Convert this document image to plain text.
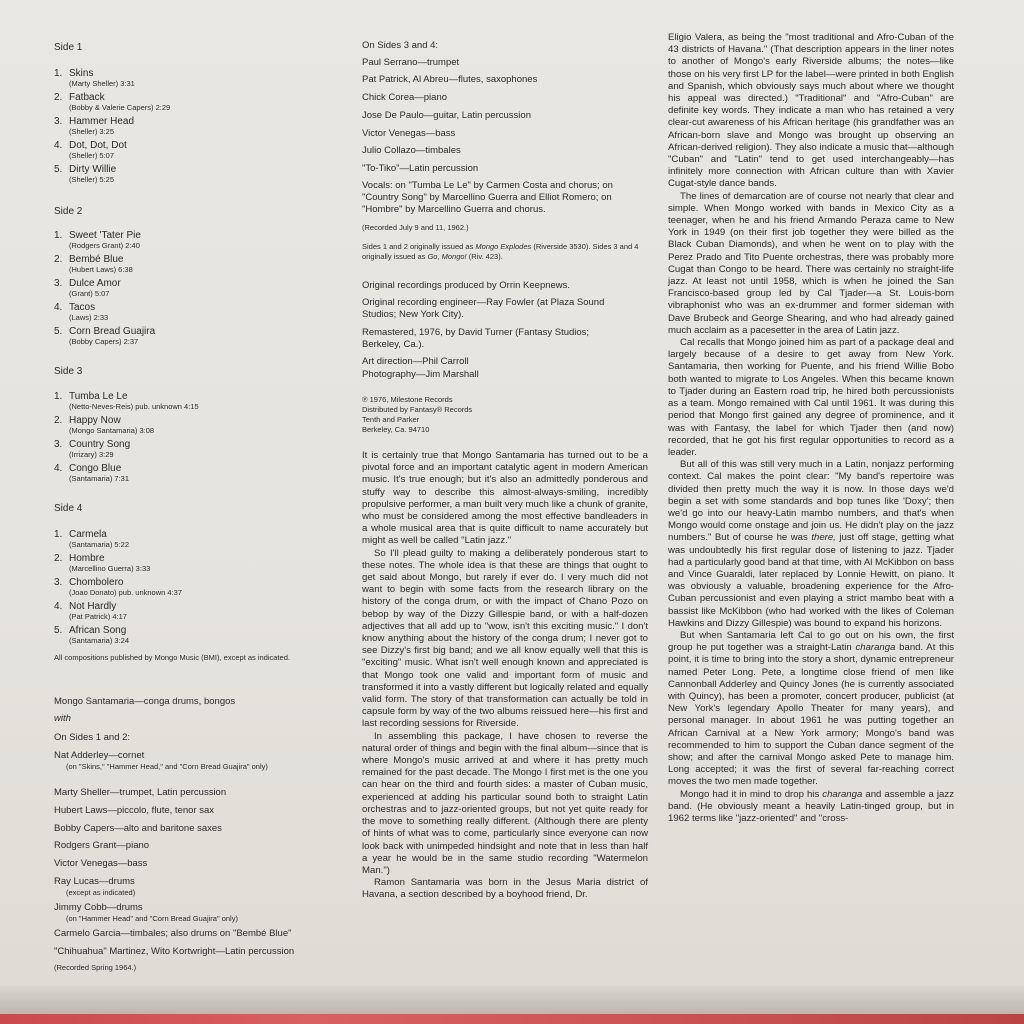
Side 1
1. Skins
(Marty Sheller) 3:31
2. Fatback
(Bobby & Valerie Capers) 2:29
3. Hammer Head
(Sheller) 3:25
4. Dot, Dot, Dot
(Sheller) 5:07
5. Dirty Willie
(Sheller) 5:25
Side 2
1. Sweet 'Tater Pie
(Rodgers Grant) 2:40
2. Bembé Blue
(Hubert Laws) 6:38
3. Dulce Amor
(Grant) 5:07
4. Tacos
(Laws) 2:33
5. Corn Bread Guajira
(Bobby Capers) 2:37
Side 3
1. Tumba Le Le
(Netto-Neves-Reis) pub. unknown 4:15
2. Happy Now
(Mongo Santamaria) 3:08
3. Country Song
(Irrizary) 3:29
4. Congo Blue
(Santamaria) 7:31
Side 4
1. Carmela
(Santamaria) 5:22
2. Hombre
(Marcellino Guerra) 3:33
3. Chombolero
(Joao Donato) pub. unknown 4:37
4. Not Hardly
(Pat Patrick) 4:17
5. African Song
(Santamaria) 3:24
All compositions published by Mongo Music (BMI), except as indicated.
Mongo Santamaria—conga drums, bongos
with
On Sides 1 and 2:
Nat Adderley—cornet
(on "Skins," "Hammer Head," and "Corn Bread Guajira" only)
Marty Sheller—trumpet, Latin percussion
Hubert Laws—piccolo, flute, tenor sax
Bobby Capers—alto and baritone saxes
Rodgers Grant—piano
Victor Venegas—bass
Ray Lucas—drums
(except as indicated)
Jimmy Cobb—drums
(on "Hammer Head" and "Corn Bread Guajira" only)
Carmelo Garcia—timbales; also drums on "Bembé Blue"
"Chihuahua" Martinez, Wito Kortwright—Latin percussion
(Recorded Spring 1964.)
On Sides 3 and 4:
Paul Serrano—trumpet
Pat Patrick, Al Abreu—flutes, saxophones
Chick Corea—piano
Jose De Paulo—guitar, Latin percussion
Victor Venegas—bass
Julio Collazo—timbales
"To-Tiko"—Latin percussion
Vocals: on "Tumba Le Le" by Carmen Costa and chorus; on "Country Song" by Marcellino Guerra and Elliot Romero; on "Hombre" by Marcellino Guerra and chorus.
(Recorded July 9 and 11, 1962.)
Sides 1 and 2 originally issued as Mongo Explodes (Riverside 3530). Sides 3 and 4 originally issued as Go, Mongo! (Riv. 423).
Original recordings produced by Orrin Keepnews.
Original recording engineer—Ray Fowler (at Plaza Sound Studios; New York City).
Remastered, 1976, by David Turner (Fantasy Studios; Berkeley, Ca.).
Art direction—Phil Carroll
Photography—Jim Marshall
℗ 1976, Milestone Records
Distributed by Fantasy® Records
Tenth and Parker
Berkeley, Ca. 94710

It is certainly true that Mongo Santamaria has turned out to be a pivotal force and an important catalytic agent in modern American music. It's true enough; but it's also an admittedly ponderous and stuffy way to describe this almost-always-smiling, incredibly propulsive performer, a man built very much like a chunk of granite, who must be considered among the most effective bandleaders in a whole musical area that is quite difficult to name accurately but might as well be called "Latin jazz."

So I'll plead guilty to making a deliberately ponderous start to these notes. The whole idea is that these are things that ought to get said about Mongo, but rarely if ever do. I very much did not want to begin with some facts from the research library on the history of the conga drum, or with the impact of Chano Pozo on bebop by way of the Dizzy Gillespie band, or with a half-dozen adjectives that all add up to "wow, isn't this exciting music." I don't know anything about the history of the conga drum; I never got to see Dizzy's first big band; and we all know equally well that this is "exciting" music. What isn't well enough known and appreciated is that Mongo took one valid and important form of music and transformed it into a vastly different but logically related and equally valid form. The story of that transformation can actually be told in capsule form by way of the two albums reissued here—his first and last recording sessions for Riverside.

In assembling this package, I have chosen to reverse the natural order of things and begin with the final album—since that is where Mongo's music arrived at and where it has pretty much remained for the past decade. The Mongo I first met is the one you can hear on the third and fourth sides: a master of Cuban music, experienced at adding his particular sound both to straight Latin orchestras and to jazz-oriented groups, but not yet quite ready for the move to something really different. (Although there are plenty of hints of what was to come, particularly since everyone can now look back with unimpeded hindsight and note that in less than half a year he would be in the same studio recording "Watermelon Man.")

Ramon Santamaria was born in the Jesus Maria district of Havana, a section described by a boyhood friend, Dr.

Eligio Valera, as being the "most traditional and Afro-Cuban of the 43 districts of Havana." (That description appears in the liner notes to another of Mongo's early Riverside albums; the notes—like those on his very first LP for the label—were printed in both English and Spanish, which obviously says much about where we thought his appeal was directed.) "Traditional" and "Afro-Cuban" are definite key words. They indicate a man who has retained a very clear-cut awareness of his African heritage (his grandfather was an African-born slave and Mongo was brought up observing an African-derived religion). They also indicate a music that—although "Cuban" and "Latin" tend to get used interchangeably—has infinitely more connection with African culture than with Xavier Cugat-style dance bands.

The lines of demarcation are of course not nearly that clear and simple. When Mongo worked with bands in Mexico City as a teenager, when he and his friend Armando Peraza came to New York in 1949 (on their first job together they were billed as the Black Cuban Diamonds), and when he went on to play with the Perez Prado and Tito Puente orchestras, there was probably more Cugat than Congo to be heard. There was certainly no straight-life jazz. At least not until 1958, which is when he joined the San Francisco-based group led by Cal Tjader—a St. Louis-born vibraphonist who was an ex-drummer and former sideman with Dave Brubeck and George Shearing, and who had already gained much acclaim as a pacesetter in the area of Latin jazz.

Cal recalls that Mongo joined him as part of a package deal and largely because of a desire to get away from New York. Santamaria, then working for Puente, and his friend Willie Bobo both wanted to migrate to Los Angeles. When this became known to Tjader during an Eastern road trip, he hired both percussionists as a team. Mongo remained with Cal until 1961. It was during this period that Mongo first gained any degree of prominence, and it was with Fantasy, the label for which Tjader then (and now) recorded, that he got his first regular opportunities to record as a leader.

But all of this was still very much in a Latin, nonjazz performing context. Cal makes the point clear: "My band's repertoire was divided then pretty much the way it is now. In those days we'd begin a set with some standards and bop tunes like 'Doxy'; then we'd go into our heavy-Latin mambo numbers, and that's when Mongo would come onstage and join us. He didn't play on the jazz numbers." But of course he was there, just off stage, getting what was undoubtedly his first regular dose of listening to jazz. Tjader had a particularly good band at that time, with Al McKibbon on bass and Vince Guaraldi, later replaced by Lonnie Hewitt, on piano. It was obviously a valuable, broadening experience for the Afro-Cuban percussionist and even playing a strict mambo beat with a bassist like McKibbon (who had worked with the likes of Coleman Hawkins and Dizzy Gillespie) was bound to expand his horizons.

But when Santamaria left Cal to go out on his own, the first group he put together was a straight-Latin charanga band. At this point, it is time to bring into the story a short, dynamic entrepreneur named Peter Long. Pete, a longtime close friend of men like Cannonball Adderley and Quincy Jones (he is currently associated with Quincy), has been a promoter, concert producer, publicist (at New York's legendary Apollo Theater for many years), and personal manager. In about 1961 he was putting together an African Carnival at a New York armory; Mongo's band was recommended to him to support the Cuban dance segment of the show; and after the carnival Mongo asked Pete to manage him. Long accepted; it was the first of several far-reaching correct moves the two men made together.

Mongo had it in mind to drop his charanga and assemble a jazz band. (He obviously meant a heavily Latin-tinged group, but in 1962 terms like "jazz-oriented" and "cross-
